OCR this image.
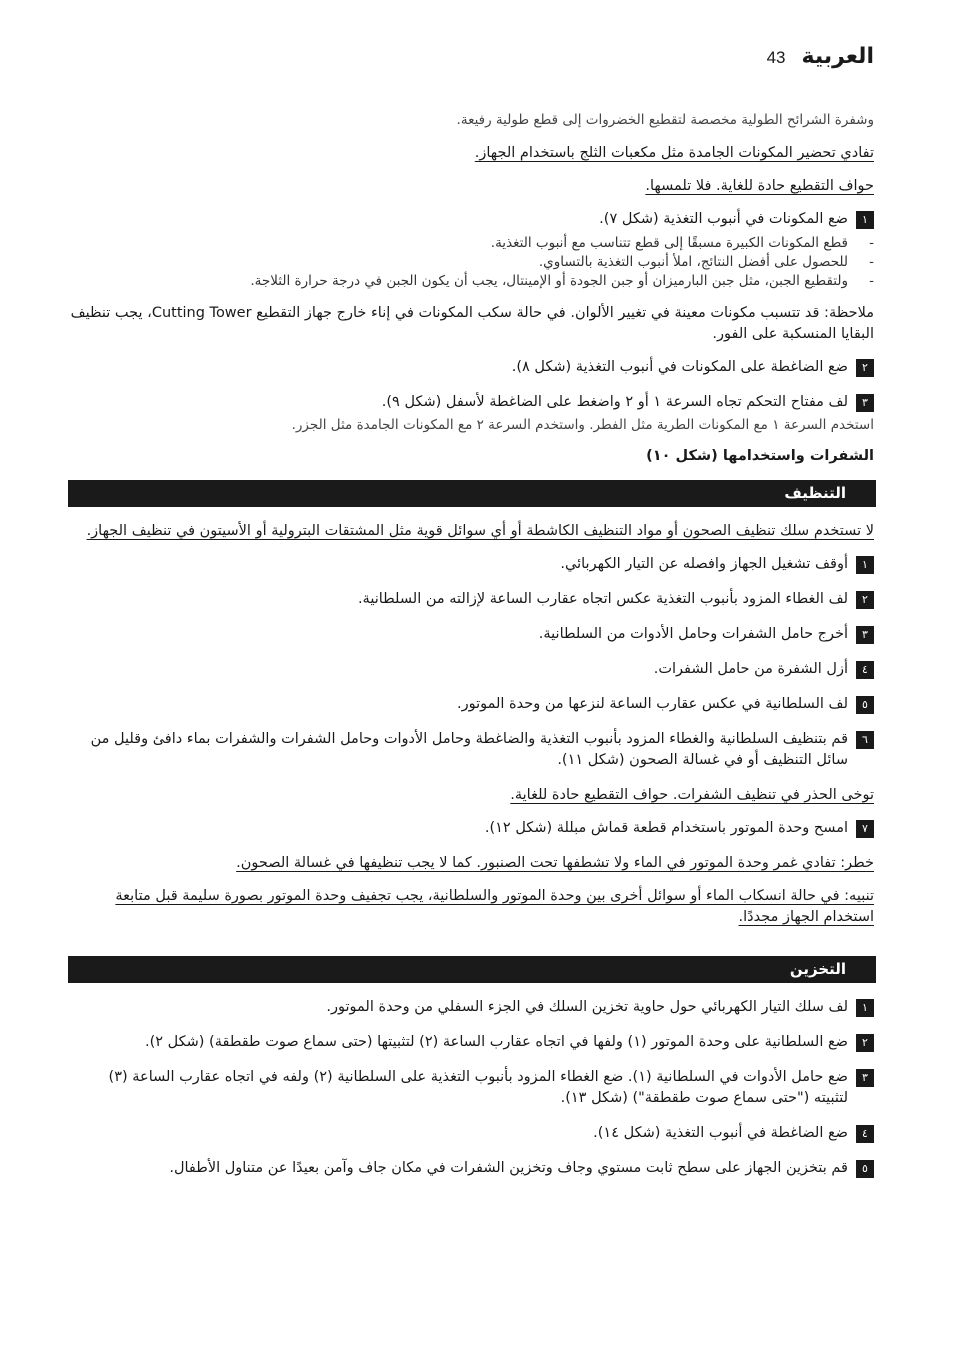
العربية
43

وشفرة الشرائح الطولية مخصصة لتقطيع الخضروات إلى قطع طولية رفيعة.

تفادي تحضير المكونات الجامدة مثل مكعبات الثلج باستخدام الجهاز.

حواف التقطيع حادة للغاية. فلا تلمسها.

١
ضع المكونات في أنبوب التغذية (شكل ٧).
- قطع المكونات الكبيرة مسبقًا إلى قطع تتناسب مع أنبوب التغذية.
- للحصول على أفضل النتائج، املأ أنبوب التغذية بالتساوي.
- ولتقطيع الجبن، مثل جبن البارميزان أو جبن الجودة أو الإمينتال، يجب أن يكون الجبن في درجة حرارة الثلاجة.

ملاحظة: قد تتسبب مكونات معينة في تغيير الألوان. في حالة سكب المكونات في إناء خارج جهاز التقطيع Cutting Tower، يجب تنظيف البقايا المنسكبة على الفور.

٢
ضع الضاغطة على المكونات في أنبوب التغذية (شكل ٨).
٣
لف مفتاح التحكم تجاه السرعة ١ أو ٢ واضغط على الضاغطة لأسفل (شكل ٩).

استخدم السرعة ١ مع المكونات الطرية مثل الفطر. واستخدم السرعة ٢ مع المكونات الجامدة مثل الجزر.

الشفرات واستخدامها (شكل ١٠)

التنظيف

لا تستخدم سلك تنظيف الصحون أو مواد التنظيف الكاشطة أو أي سوائل قوية مثل المشتقات البترولية أو الأسيتون في تنظيف الجهاز.

١
أوقف تشغيل الجهاز وافصله عن التيار الكهربائي.
٢
لف الغطاء المزود بأنبوب التغذية عكس اتجاه عقارب الساعة لإزالته من السلطانية.
٣
أخرج حامل الشفرات وحامل الأدوات من السلطانية.
٤
أزل الشفرة من حامل الشفرات.
٥
لف السلطانية في عكس عقارب الساعة لنزعها من وحدة الموتور.
٦
قم بتنظيف السلطانية والغطاء المزود بأنبوب التغذية والضاغطة وحامل الأدوات وحامل الشفرات والشفرات بماء دافئ وقليل من سائل التنظيف أو في غسالة الصحون (شكل ١١).

توخى الحذر في تنظيف الشفرات. حواف التقطيع حادة للغاية.

٧
امسح وحدة الموتور باستخدام قطعة قماش مبللة (شكل ١٢).

خطر: تفادي غمر وحدة الموتور في الماء ولا تشطفها تحت الصنبور. كما لا يجب تنظيفها في غسالة الصحون.

تنبيه: في حالة انسكاب الماء أو سوائل أخرى بين وحدة الموتور والسلطانية، يجب تجفيف وحدة الموتور بصورة سليمة قبل متابعة استخدام الجهاز مجددًا.

التخزين
١
لف سلك التيار الكهربائي حول حاوية تخزين السلك في الجزء السفلي من وحدة الموتور.
٢
ضع السلطانية على وحدة الموتور (١) ولفها في اتجاه عقارب الساعة (٢) لتثبيتها (حتى سماع صوت طقطقة) (شكل ٢).
٣
ضع حامل الأدوات في السلطانية (١). ضع الغطاء المزود بأنبوب التغذية على السلطانية (٢) ولفه في اتجاه عقارب الساعة (٣) لتثبيته ("حتى سماع صوت طقطقة") (شكل ١٣).
٤
ضع الضاغطة في أنبوب التغذية (شكل ١٤).
٥
قم بتخزين الجهاز على سطح ثابت مستوي وجاف وتخزين الشفرات في مكان جاف وآمن بعيدًا عن متناول الأطفال.
